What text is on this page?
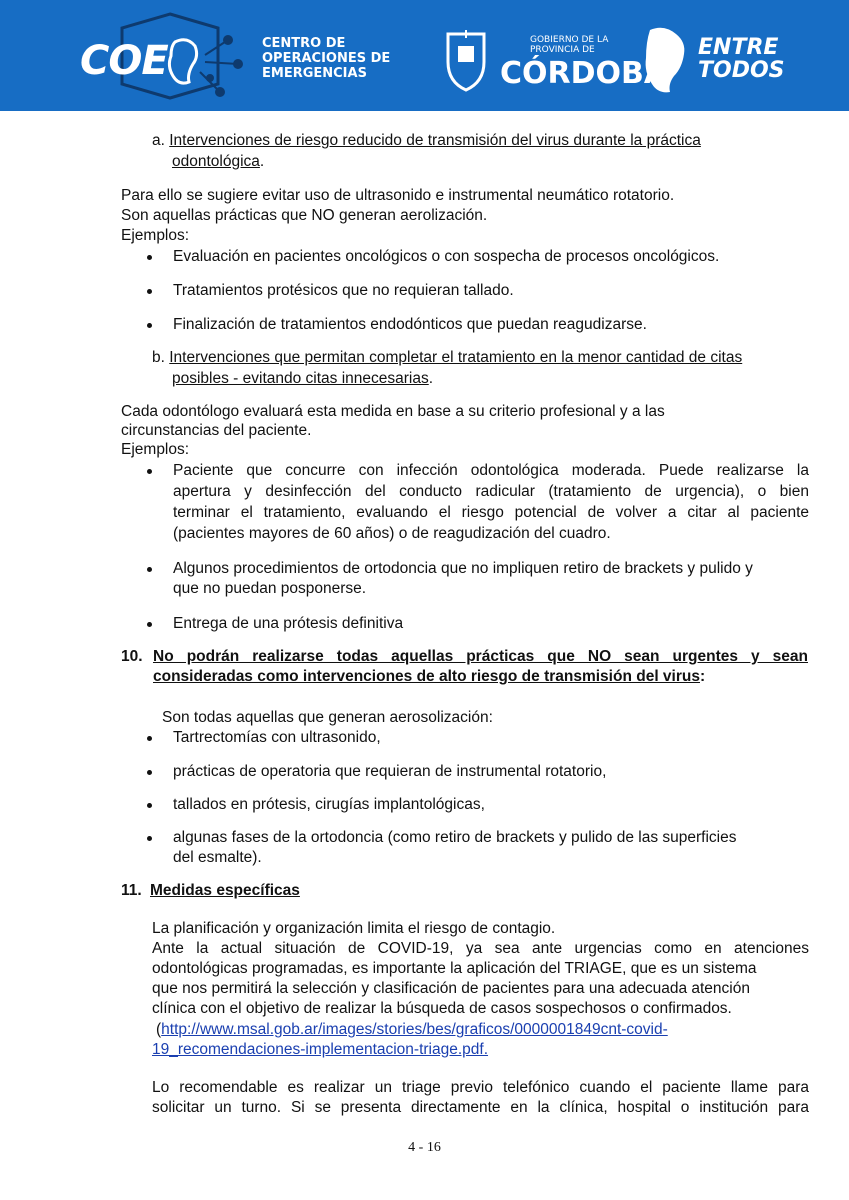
COE	CENTRO DE
OPERACIONES DE
EMERGENCIAS
GOBIERNO DE LA
PROVINCIA DE
CÓRDOBA
ENTRE
TODOS
a. Intervenciones de riesgo reducido de transmisión del virus durante la práctica
odontológica.
Para ello se sugiere evitar uso de ultrasonido e instrumental neumático rotatorio.
Son aquellas prácticas que NO generan aerolización.
Ejemplos:
Evaluación en pacientes oncológicos o con sospecha de procesos oncológicos.
Tratamientos protésicos que no requieran tallado.
Finalización de tratamientos endodónticos que puedan reagudizarse.
b. Intervenciones que permitan completar el tratamiento en la menor cantidad de citas
posibles - evitando citas innecesarias.
Cada odontólogo evaluará esta medida en base a su criterio profesional y a las
circunstancias del paciente.
Ejemplos:
Paciente que concurre con infección odontológica moderada. Puede realizarse la
apertura y desinfección del conducto radicular (tratamiento de urgencia), o bien
terminar el tratamiento, evaluando el riesgo potencial de volver a citar al paciente
(pacientes mayores de 60 años) o de reagudización del cuadro.
Algunos procedimientos de ortodoncia que no impliquen retiro de brackets y pulido y
que no puedan posponerse.
Entrega de una prótesis definitiva
10. No podrán realizarse todas aquellas prácticas que NO sean urgentes y sean
consideradas como intervenciones de alto riesgo de transmisión del virus:
Son todas aquellas que generan aerosolización:
Tartrectomías con ultrasonido,
prácticas de operatoria que requieran de instrumental rotatorio,
tallados en prótesis, cirugías implantológicas,
algunas fases de la ortodoncia (como retiro de brackets y pulido de las superficies
del esmalte).
11. Medidas específicas
La planificación y organización limita el riesgo de contagio.
Ante la actual situación de COVID-19, ya sea ante urgencias como en atenciones
odontológicas programadas, es importante la aplicación del TRIAGE, que es un sistema
que nos permitirá la selección y clasificación de pacientes para una adecuada atención
clínica con el objetivo de realizar la búsqueda de casos sospechosos o confirmados.
(http://www.msal.gob.ar/images/stories/bes/graficos/0000001849cnt-covid-
19_recomendaciones-implementacion-triage.pdf.
Lo recomendable es realizar un triage previo telefónico cuando el paciente llame para
solicitar un turno. Si se presenta directamente en la clínica, hospital o institución para
4 - 16
